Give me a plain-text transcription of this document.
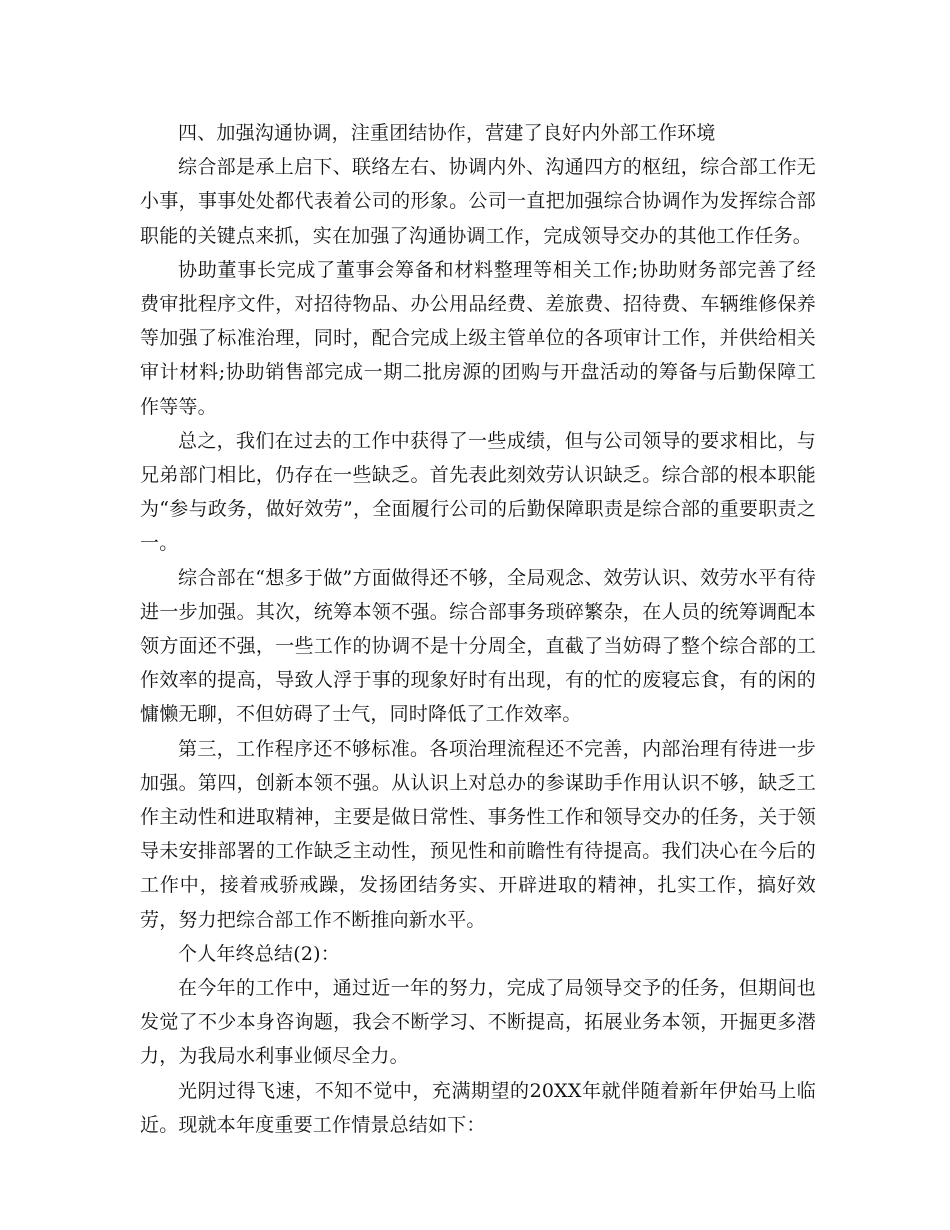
四、加强沟通协调，注重团结协作，营建了良好内外部工作环境

综合部是承上启下、联络左右、协调内外、沟通四方的枢纽，综合部工作无小事，事事处处都代表着公司的形象。公司一直把加强综合协调作为发挥综合部职能的关键点来抓，实在加强了沟通协调工作，完成领导交办的其他工作任务。

协助董事长完成了董事会筹备和材料整理等相关工作;协助财务部完善了经费审批程序文件，对招待物品、办公用品经费、差旅费、招待费、车辆维修保养等加强了标准治理，同时，配合完成上级主管单位的各项审计工作，并供给相关审计材料;协助销售部完成一期二批房源的团购与开盘活动的筹备与后勤保障工作等等。

总之，我们在过去的工作中获得了一些成绩，但与公司领导的要求相比，与兄弟部门相比，仍存在一些缺乏。首先表此刻效劳认识缺乏。综合部的根本职能为“参与政务，做好效劳”，全面履行公司的后勤保障职责是综合部的重要职责之一。

综合部在“想多于做”方面做得还不够，全局观念、效劳认识、效劳水平有待进一步加强。其次，统筹本领不强。综合部事务琐碎繁杂，在人员的统筹调配本领方面还不强，一些工作的协调不是十分周全，直截了当妨碍了整个综合部的工作效率的提高，导致人浮于事的现象好时有出现，有的忙的废寝忘食，有的闲的慵懒无聊，不但妨碍了士气，同时降低了工作效率。

第三，工作程序还不够标准。各项治理流程还不完善，内部治理有待进一步加强。第四，创新本领不强。从认识上对总办的参谋助手作用认识不够，缺乏工作主动性和进取精神，主要是做日常性、事务性工作和领导交办的任务，关于领导未安排部署的工作缺乏主动性，预见性和前瞻性有待提高。我们决心在今后的工作中，接着戒骄戒躁，发扬团结务实、开辟进取的精神，扎实工作，搞好效劳，努力把综合部工作不断推向新水平。

个人年终总结(2)：

在今年的工作中，通过近一年的努力，完成了局领导交予的任务，但期间也发觉了不少本身咨询题，我会不断学习、不断提高，拓展业务本领，开掘更多潜力，为我局水利事业倾尽全力。

光阴过得飞速，不知不觉中，充满期望的20XX年就伴随着新年伊始马上临近。现就本年度重要工作情景总结如下：
